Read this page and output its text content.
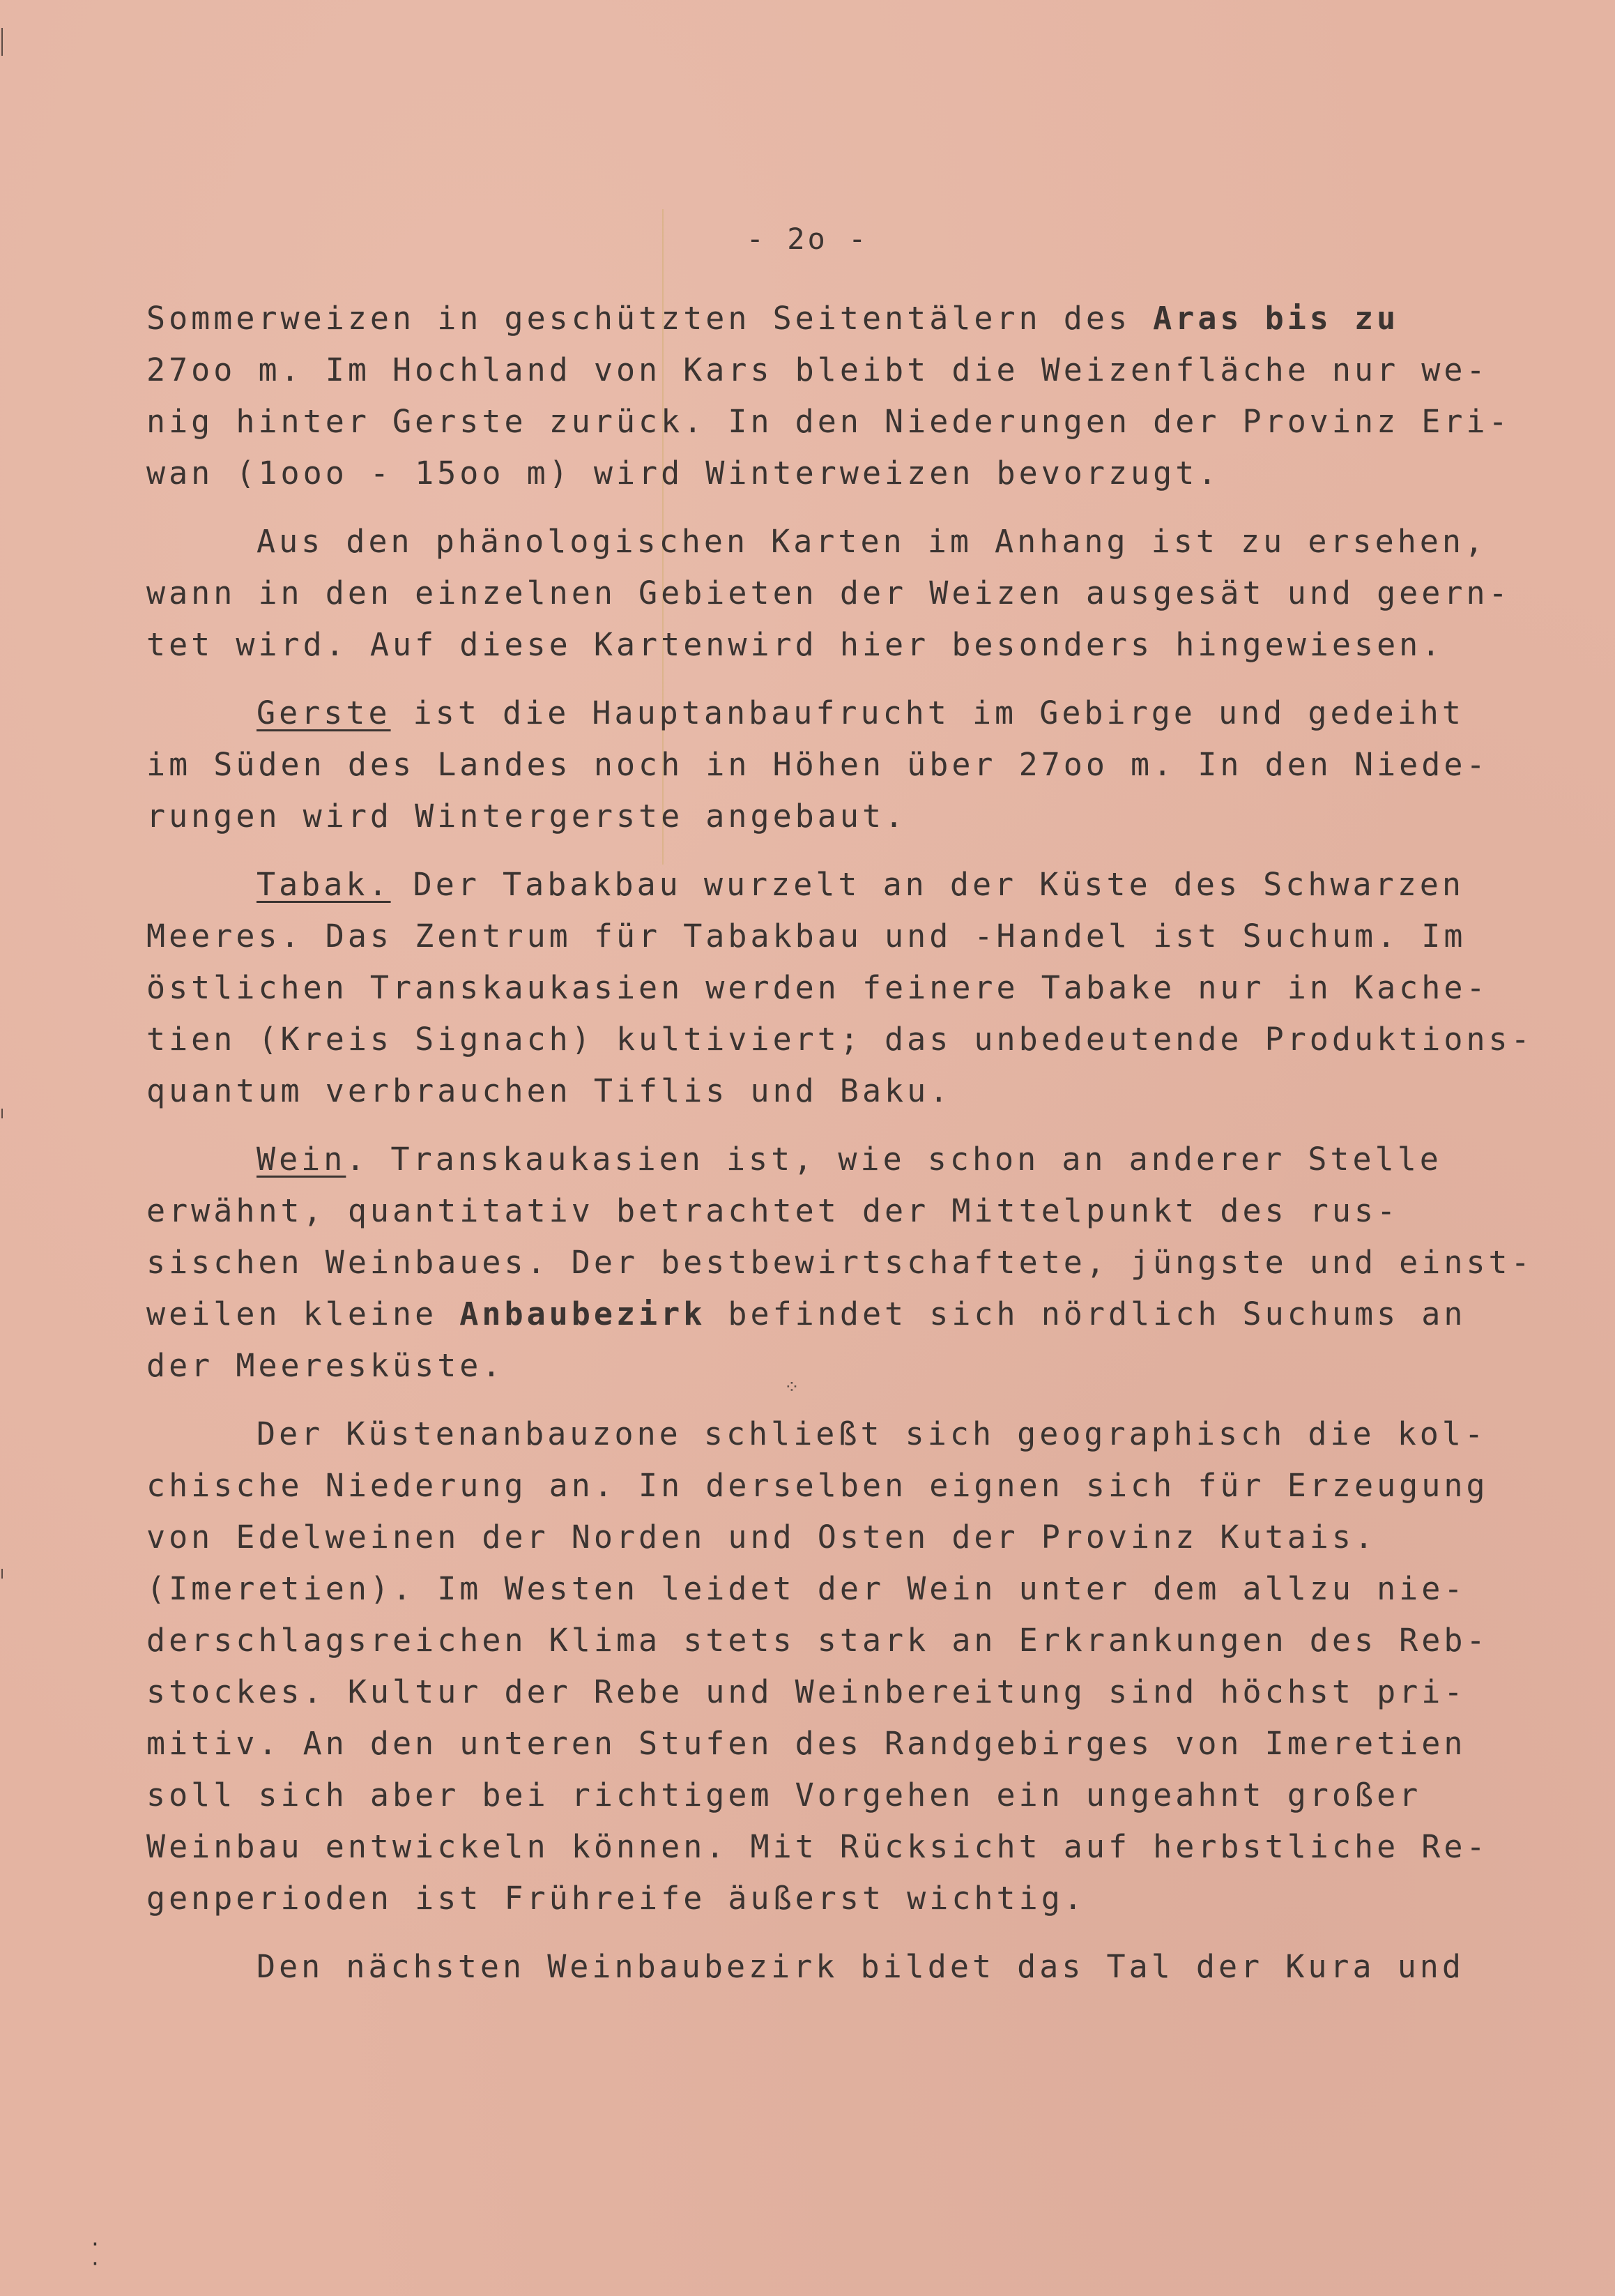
- 2o -
Sommerweizen in geschützten Seitentälern des Aras bis zu
27oo m. Im Hochland von Kars bleibt die Weizenfläche nur we-
nig hinter Gerste zurück. In den Niederungen der Provinz Eri-
wan (1ooo - 15oo m) wird Winterweizen bevorzugt.
Aus den phänologischen Karten im Anhang ist zu ersehen,
wann in den einzelnen Gebieten der Weizen ausgesät und geern-
tet wird. Auf diese Kartenwird hier besonders hingewiesen.
Gerste ist die Hauptanbaufrucht im Gebirge und gedeiht
im Süden des Landes noch in Höhen über 27oo m. In den Niede-
rungen wird Wintergerste angebaut.
Tabak. Der Tabakbau wurzelt an der Küste des Schwarzen
Meeres. Das Zentrum für Tabakbau und -Handel ist Suchum. Im
östlichen Transkaukasien werden feinere Tabake nur in Kache-
tien (Kreis Signach) kultiviert; das unbedeutende Produktions-
quantum verbrauchen Tiflis und Baku.
Wein. Transkaukasien ist, wie schon an anderer Stelle
erwähnt, quantitativ betrachtet der Mittelpunkt des rus-
sischen Weinbaues. Der bestbewirtschaftete, jüngste und einst-
weilen kleine Anbaubezirk befindet sich nördlich Suchums an
der Meeresküste.
Der Küstenanbauzone schließt sich geographisch die kol-
chische Niederung an. In derselben eignen sich für Erzeugung
von Edelweinen der Norden und Osten der Provinz Kutais.
(Imeretien). Im Westen leidet der Wein unter dem allzu nie-
derschlagsreichen Klima stets stark an Erkrankungen des Reb-
stockes. Kultur der Rebe und Weinbereitung sind höchst pri-
mitiv. An den unteren Stufen des Randgebirges von Imeretien
soll sich aber bei richtigem Vorgehen ein ungeahnt großer
Weinbau entwickeln können. Mit Rücksicht auf herbstliche Re-
genperioden ist Frühreife äußerst wichtig.
Den nächsten Weinbaubezirk bildet das Tal der Kura und
⁘
·
·
